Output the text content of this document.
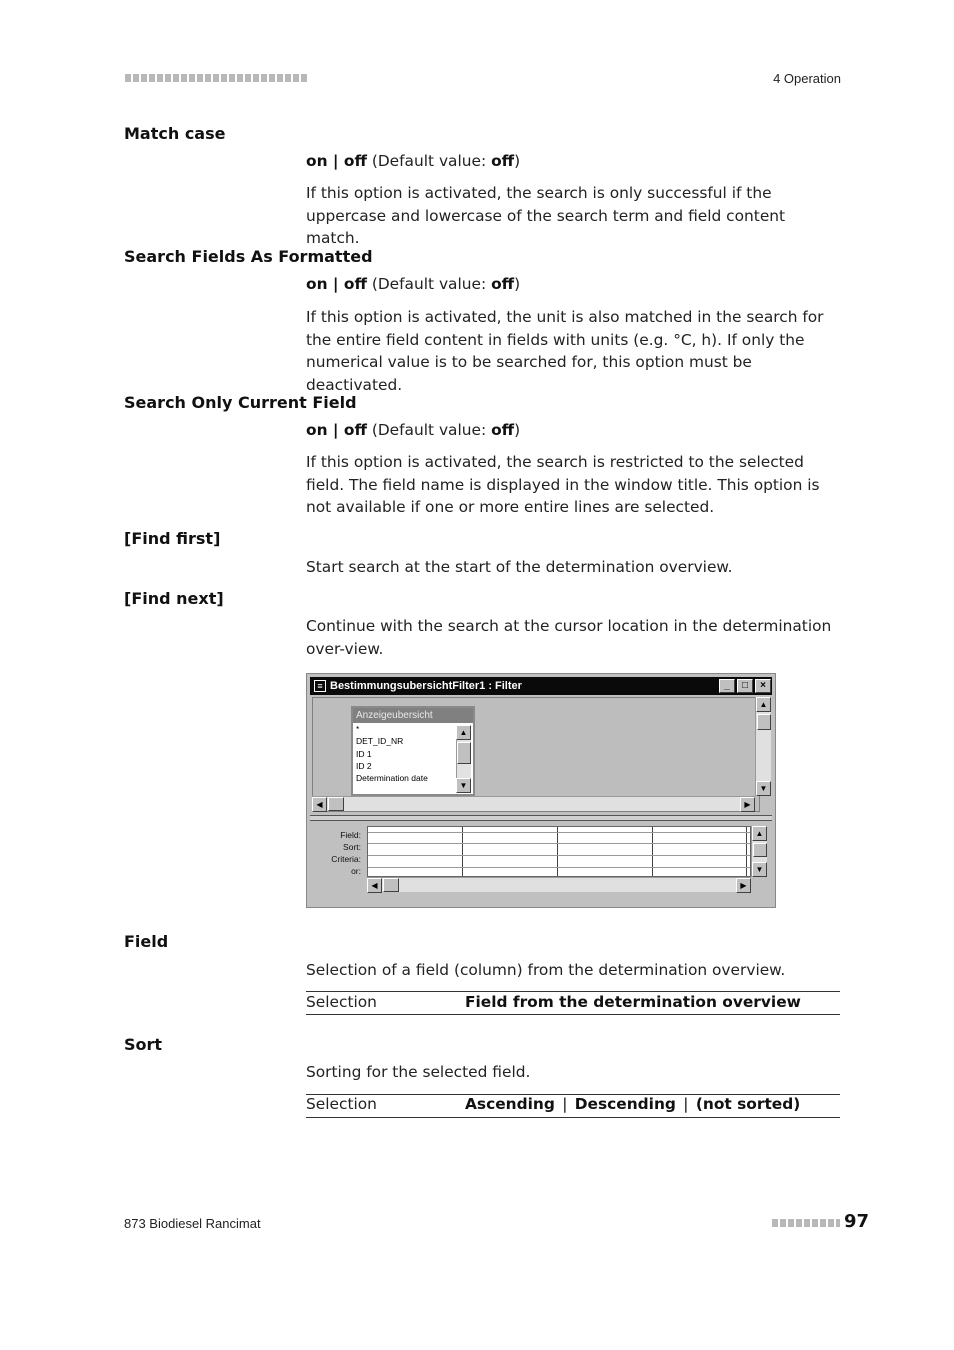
4 Operation
Match case
on | off (Default value: off)
If this option is activated, the search is only successful if the uppercase and lowercase of the search term and field content match.
Search Fields As Formatted
on | off (Default value: off)
If this option is activated, the unit is also matched in the search for the entire field content in fields with units (e.g. °C, h). If only the numerical value is to be searched for, this option must be deactivated.
Search Only Current Field
on | off (Default value: off)
If this option is activated, the search is restricted to the selected field. The field name is displayed in the window title. This option is not available if one or more entire lines are selected.
[Find first]
Start search at the start of the determination overview.
[Find next]
Continue with the search at the cursor location in the determination over-view.
≡ BestimmungsubersichtFilter1 : Filter	_	□	×
Anzeigeubersicht
*
DET_ID_NR
ID 1
ID 2
Determination date
▲
▼
▲
▼
◀	▶
Field:
Sort:
Criteria:
or:
▲
▼
◀	▶
Field
Selection of a field (column) from the determination overview.
Selection	Field from the determination overview
Sort
Sorting for the selected field.
Selection	Ascending | Descending | (not sorted)
873 Biodiesel Rancimat	97
